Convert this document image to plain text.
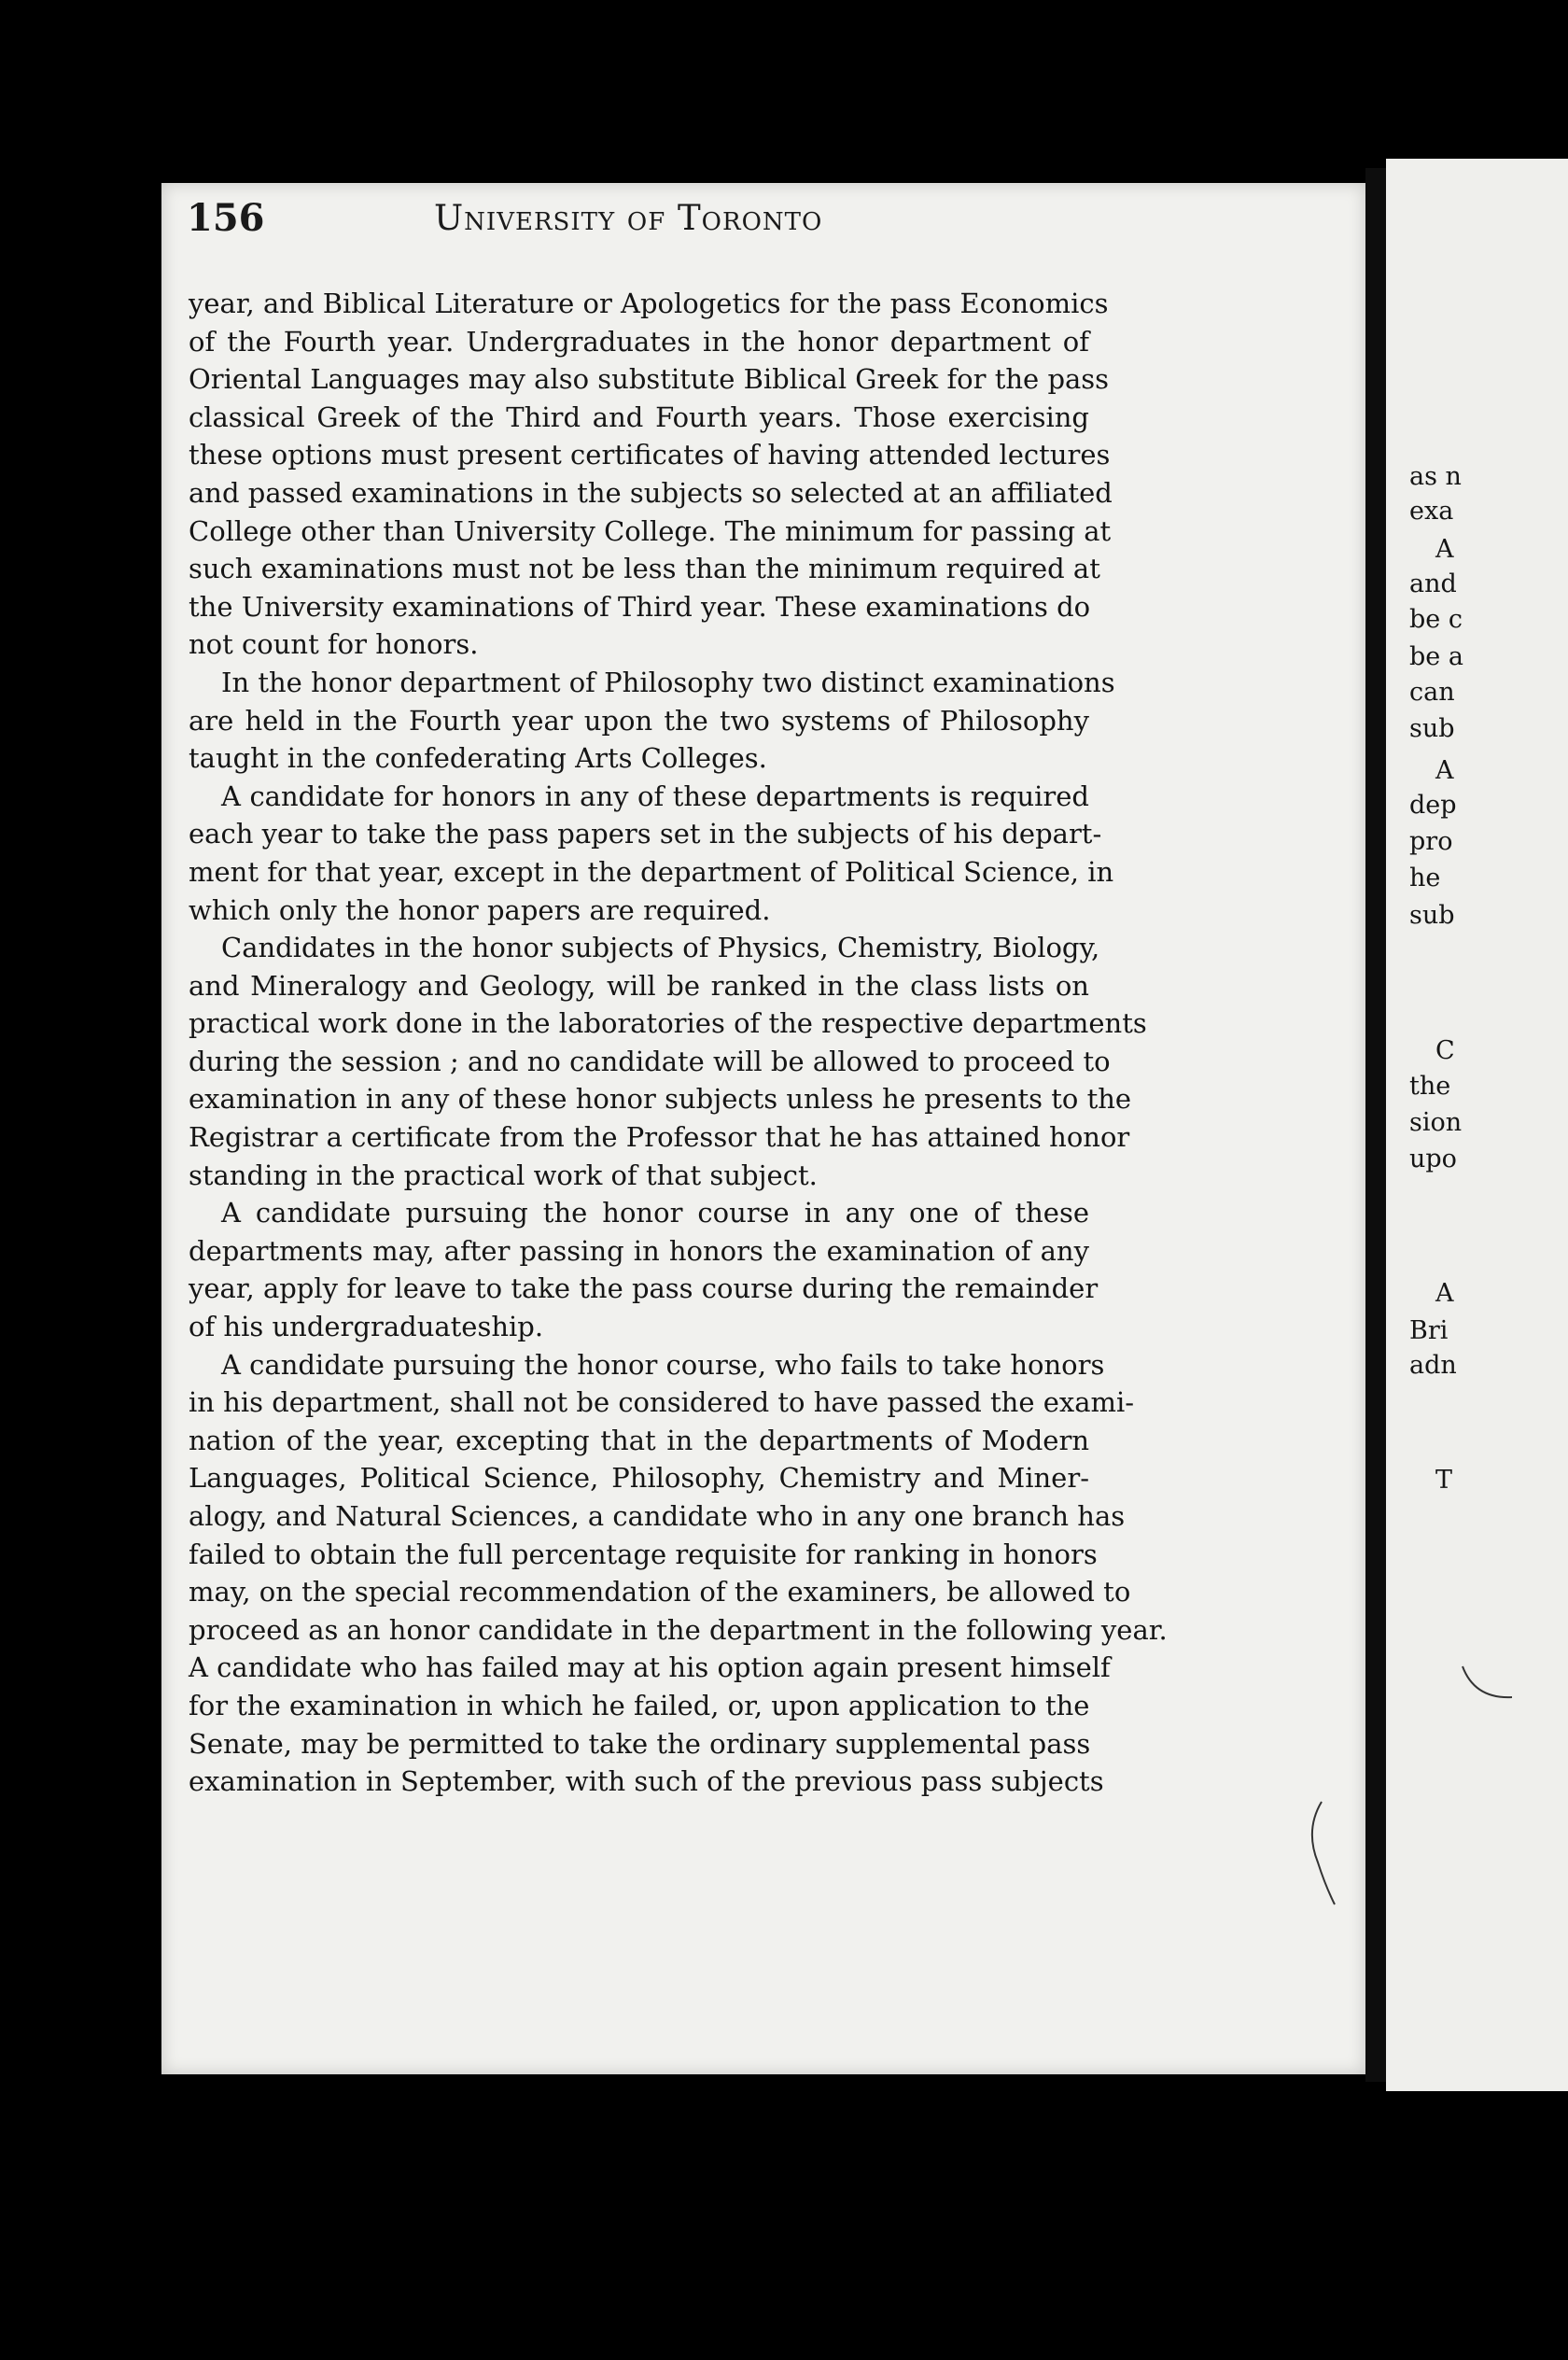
as n
exa
A
and
be c
be a
can
sub
A
dep
pro
he
sub
C
the
sion
upo
A
Bri
adn
T
156	University of Toronto
year, and Biblical Literature or Apologetics for the pass Economics
of the Fourth year. Undergraduates in the honor department of
Oriental Languages may also substitute Biblical Greek for the pass
classical Greek of the Third and Fourth years. Those exercising
these options must present certificates of having attended lectures
and passed examinations in the subjects so selected at an affiliated
College other than University College. The minimum for passing at
such examinations must not be less than the minimum required at
the University examinations of Third year. These examinations do
not count for honors.
In the honor department of Philosophy two distinct examinations
are held in the Fourth year upon the two systems of Philosophy
taught in the confederating Arts Colleges.
A candidate for honors in any of these departments is required
each year to take the pass papers set in the subjects of his depart-
ment for that year, except in the department of Political Science, in
which only the honor papers are required.
Candidates in the honor subjects of Physics, Chemistry, Biology,
and Mineralogy and Geology, will be ranked in the class lists on
practical work done in the laboratories of the respective departments
during the session ; and no candidate will be allowed to proceed to
examination in any of these honor subjects unless he presents to the
Registrar a certificate from the Professor that he has attained honor
standing in the practical work of that subject.
A candidate pursuing the honor course in any one of these
departments may, after passing in honors the examination of any
year, apply for leave to take the pass course during the remainder
of his undergraduateship.
A candidate pursuing the honor course, who fails to take honors
in his department, shall not be considered to have passed the exami-
nation of the year, excepting that in the departments of Modern
Languages, Political Science, Philosophy, Chemistry and Miner-
alogy, and Natural Sciences, a candidate who in any one branch has
failed to obtain the full percentage requisite for ranking in honors
may, on the special recommendation of the examiners, be allowed to
proceed as an honor candidate in the department in the following year.
A candidate who has failed may at his option again present himself
for the examination in which he failed, or, upon application to the
Senate, may be permitted to take the ordinary supplemental pass
examination in September, with such of the previous pass subjects
